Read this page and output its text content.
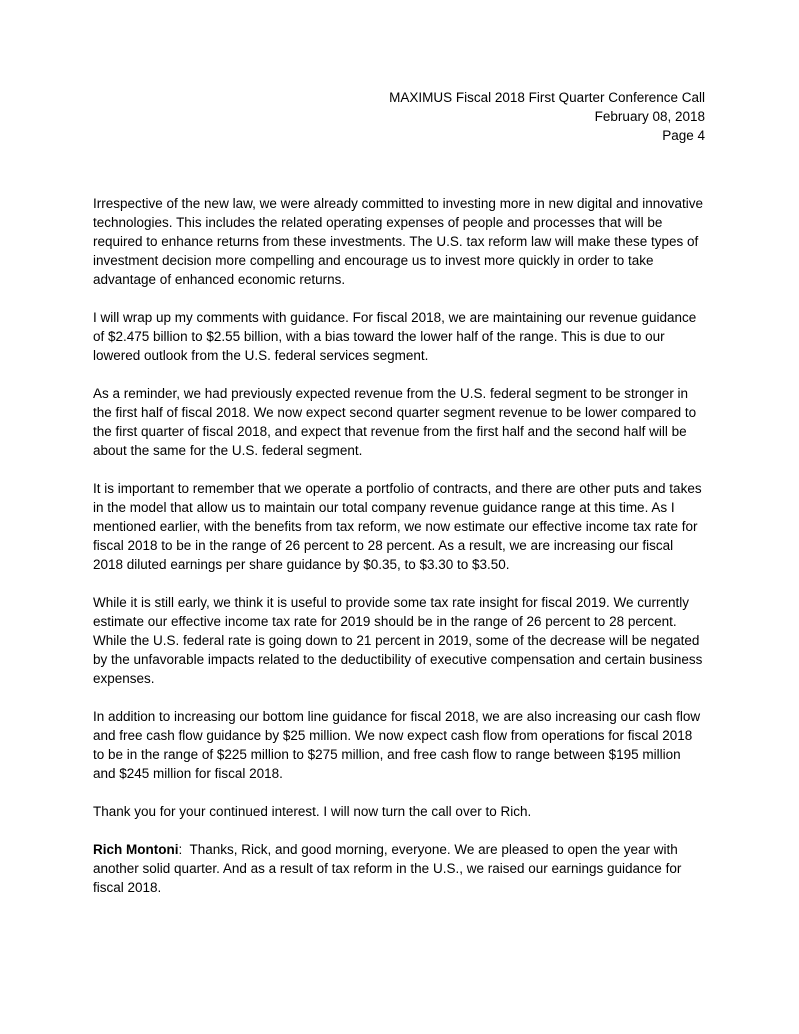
MAXIMUS Fiscal 2018 First Quarter Conference Call
February 08, 2018
Page 4

Irrespective of the new law, we were already committed to investing more in new digital and innovative technologies. This includes the related operating expenses of people and processes that will be required to enhance returns from these investments. The U.S. tax reform law will make these types of investment decision more compelling and encourage us to invest more quickly in order to take advantage of enhanced economic returns.

I will wrap up my comments with guidance. For fiscal 2018, we are maintaining our revenue guidance of $2.475 billion to $2.55 billion, with a bias toward the lower half of the range. This is due to our lowered outlook from the U.S. federal services segment.

As a reminder, we had previously expected revenue from the U.S. federal segment to be stronger in the first half of fiscal 2018. We now expect second quarter segment revenue to be lower compared to the first quarter of fiscal 2018, and expect that revenue from the first half and the second half will be about the same for the U.S. federal segment.

It is important to remember that we operate a portfolio of contracts, and there are other puts and takes in the model that allow us to maintain our total company revenue guidance range at this time. As I mentioned earlier, with the benefits from tax reform, we now estimate our effective income tax rate for fiscal 2018 to be in the range of 26 percent to 28 percent. As a result, we are increasing our fiscal 2018 diluted earnings per share guidance by $0.35, to $3.30 to $3.50.

While it is still early, we think it is useful to provide some tax rate insight for fiscal 2019. We currently estimate our effective income tax rate for 2019 should be in the range of 26 percent to 28 percent. While the U.S. federal rate is going down to 21 percent in 2019, some of the decrease will be negated by the unfavorable impacts related to the deductibility of executive compensation and certain business expenses.

In addition to increasing our bottom line guidance for fiscal 2018, we are also increasing our cash flow and free cash flow guidance by $25 million. We now expect cash flow from operations for fiscal 2018 to be in the range of $225 million to $275 million, and free cash flow to range between $195 million and $245 million for fiscal 2018.

Thank you for your continued interest. I will now turn the call over to Rich.

Rich Montoni:  Thanks, Rick, and good morning, everyone. We are pleased to open the year with another solid quarter. And as a result of tax reform in the U.S., we raised our earnings guidance for fiscal 2018.
